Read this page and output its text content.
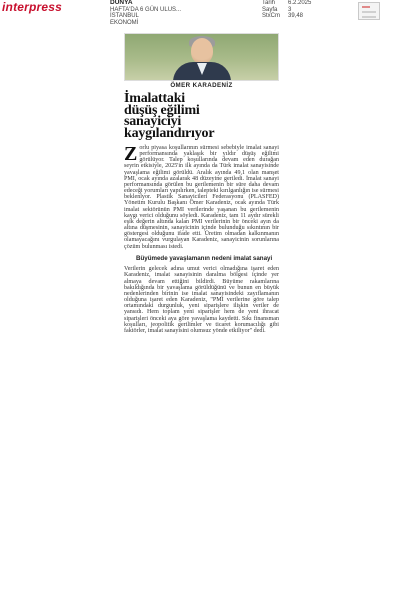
interpress	DÜNYA
HAFTA'DA 6 GÜN ULUS...
İSTANBUL
EKONOMİ
Tarih	6.2.2025
Sayfa	3
StxCm	39,48
ÖMER KARADENİZ
İmalattaki
düşüş eğilimi
sanayiciyi
kaygılandırıyor

Zorlu piyasa koşullarının sürmesi sebebiyle imalat sanayi performansında yaklaşık bir yıldır düşüş eğilimi görülüyor. Talep koşullarında devam eden durağan seyrin etkisiyle, 2025'in ilk ayında da Türk imalat sanayisinde yavaşlama eğilimi görüldü. Aralık ayında 49,1 olan manşet PMI, ocak ayında azalarak 48 düzeyine geriledi. İmalat sanayi performansında görülen bu gerilemenin bir süre daha devam edeceği yorumları yapılırken, talepteki kırılganlığın ise sürmesi beklenlyor. Plastik Sanayicileri Federasyonu (PLASFED) Yönetim Kurulu Başkanı Ömer Karadeniz, ocak ayında Türk imalat sektörünün PMI verilerinde yaşanan bu gerilemenin kaygı verici olduğunu söyledi. Karadeniz, tam 11 aydır sürekli eşik değerin altında kalan PMI verilerinin bir önceki ayın da altına düşmesinin, sanayicinin içinde bulunduğu sıkıntının bir göstergesi olduğunu ifade etti. Üretim olmadan kalkınmanın olamayacağını vurgulayan Karadeniz, sanayicinin sorunlarına çözüm bulunması istedi.

Büyümede yavaşlamanın nedeni imalat sanayi

Verilerin gelecek adına umut verici olmadığına işaret eden Karadeniz, imalat sanayisinin daralma bölgesi içinde yer almaya devam ettiğini bildirdi. Büyüme rakamlarına bakıldığında bir yavaşlama görüldüğünü ve bunun en büyük nedenlerinden birinin ise imalat sanayisindeki zayıflamanın olduğuna işaret eden Karadeniz, "PMI verilerine göre talep ortamındaki durgunluk, yeni siparişlere ilişkin veriler de yansıdı. Hem toplam yeni siparişler hem de yeni ihracat siparişleri önceki aya göre yavaşlama kaydetti. Sıkı finansman koşulları, jeopolitik gerilimler ve ticaret korumacılığı gibi faktörler, imalat sanayisini olumsuz yönde etkiliyor" dedi.
